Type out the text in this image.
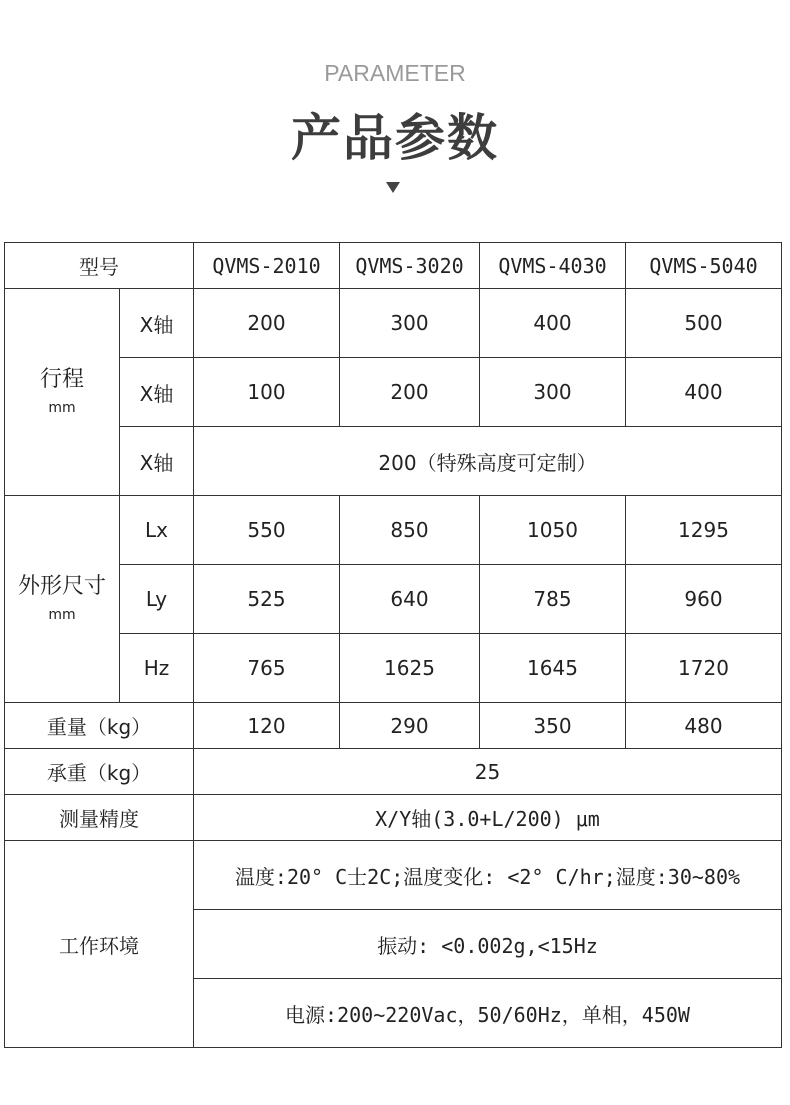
PARAMETER
产品参数
型号		QVMS-2010	QVMS-3020	QVMS-4030	QVMS-5040

行程
mm	X轴	200	300	400	500
	X轴	100	200	300	400
	X轴	200（特殊高度可定制）			

外形尺寸
mm	Lx	550	850	1050	1295
	Ly	525	640	785	960
	Hz	765	1625	1645	1720
重量（kg）		120	290	350	480
承重（kg）		25			
测量精度		X/Y轴(3.0+L/200) μm			
工作环境		温度:20° C士2C;温度变化: <2° C/hr;湿度:30~80%			
		振动: <0.002g,<15Hz			
		电源:200~220Vac，50/60Hz，单相，450W			
